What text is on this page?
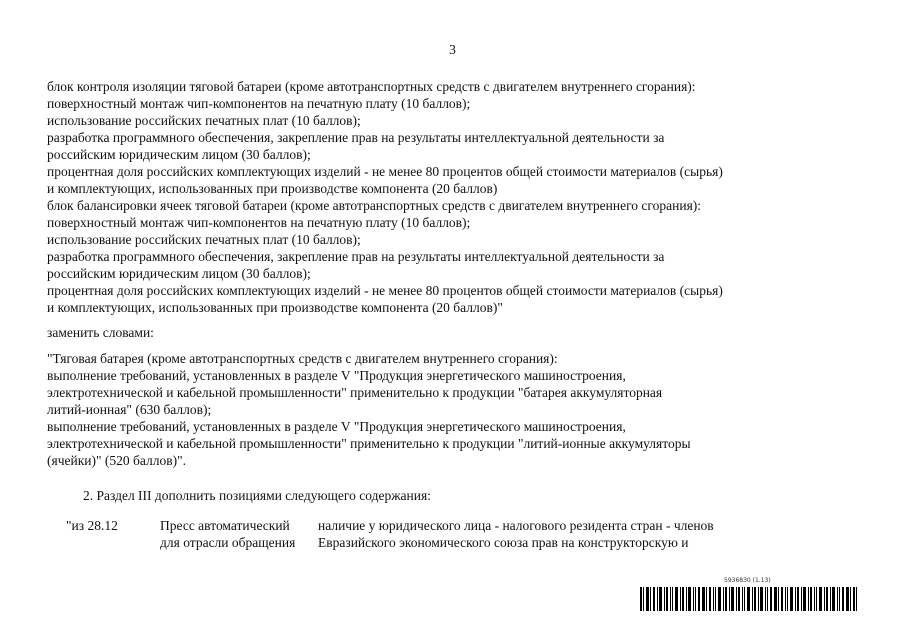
3
блок контроля изоляции тяговой батареи (кроме автотранспортных средств с двигателем внутреннего сгорания):
поверхностный монтаж чип-компонентов на печатную плату (10 баллов);
использование российских печатных плат (10 баллов);
разработка программного обеспечения, закрепление прав на результаты интеллектуальной деятельности за
российским юридическим лицом (30 баллов);
процентная доля российских комплектующих изделий - не менее 80 процентов общей стоимости материалов (сырья)
и комплектующих, использованных при производстве компонента (20 баллов)
блок балансировки ячеек тяговой батареи (кроме автотранспортных средств с двигателем внутреннего сгорания):
поверхностный монтаж чип-компонентов на печатную плату (10 баллов);
использование российских печатных плат (10 баллов);
разработка программного обеспечения, закрепление прав на результаты интеллектуальной деятельности за
российским юридическим лицом (30 баллов);
процентная доля российских комплектующих изделий - не менее 80 процентов общей стоимости материалов (сырья)
и комплектующих, использованных при производстве компонента (20 баллов)"
заменить словами:
"Тяговая батарея (кроме автотранспортных средств с двигателем внутреннего сгорания):
выполнение требований, установленных в разделе V "Продукция энергетического машиностроения,
электротехнической и кабельной промышленности" применительно к продукции "батарея аккумуляторная
литий-ионная" (630 баллов);
выполнение требований, установленных в разделе V "Продукция энергетического машиностроения,
электротехнической и кабельной промышленности" применительно к продукции "литий-ионные аккумуляторы
(ячейки)" (520 баллов)".
2. Раздел III дополнить позициями следующего содержания:
"из 28.12	Пресс автоматический
для отрасли обращения
наличие у юридического лица - налогового резидента стран - членов
Евразийского экономического союза прав на конструкторскую и
5936830 (1.13)
